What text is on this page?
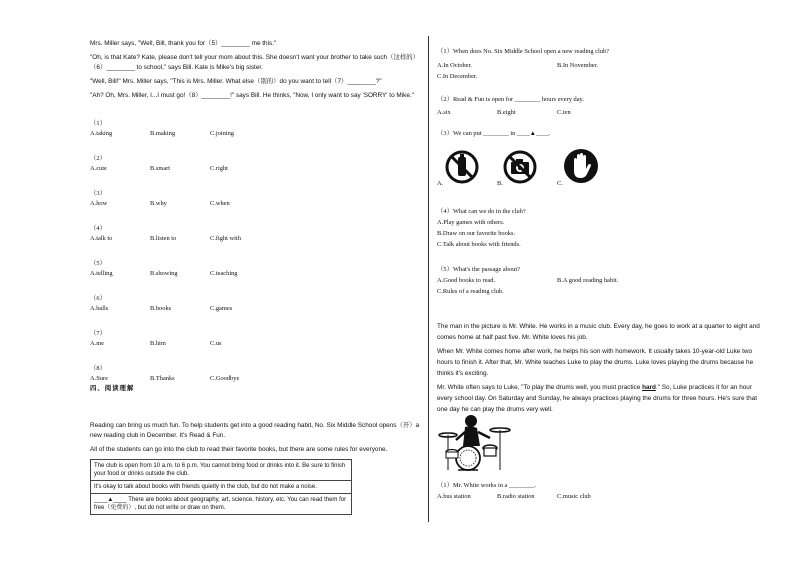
Mrs. Miller says, "Well, Bill, thank you for（5）________ me this."
"Oh, is that Kate? Kate, please don't tell your mom about this. She doesn't want your brother to take such（这样的）
（6）________ to school," says Bill. Kate is Mike's big sister.
"Well, Bill!" Mrs. Miller says, "This is Mrs. Miller. What else（别的）do you want to tell（7）________?"
"Ah? Oh, Mrs. Miller, I...I must go!（8）________!" says Bill. He thinks, "Now, I only want to say 'SORRY' to Mike."
（1）
A.taking	B.making	C.joining
（2）
A.cute	B.smart	C.right
（3）
A.how	B.why	C.when
（4）
A.talk to	B.listen to	C.fight with
（5）
A.telling	B.showing	C.teaching
（6）
A.balls	B.books	C.games
（7）
A.me	B.him	C.us
（8）
A.Sure	B.Thanks	C.Goodbye
四、阅读理解
Reading can bring us much fun. To help students get into a good reading habit, No. Six Middle School opens（开）a
new reading club in December. It's Read & Fun.
All of the students can go into the club to read their favorite books, but there are some rules for everyone.
The club is open from 10 a.m. to 6 p.m. You cannot bring food or drinks into it. Be sure to finish your food or drinks outside the club.
It's okay to talk about books with friends quietly in the club, but do not make a noise.
____▲____ There are books about geography, art, science, history, etc. You can read them for free（免费的）, but do not write or draw on them.
（1）When does No. Six Middle School open a new reading club?
A.In October.	B.In November.
C.In December.
（2）Read & Fun is open for ________ hours every day.
A.six	B.eight	C.ten
（3）We can put ________ in ____▲____.
A.	B.	C.
（4）What can we do in the club?
A.Play games with others.
B.Draw on our favorite books.
C.Talk about books with friends.
（5）What's the passage about?
A.Good books to read.	B.A good reading habit.
C.Rules of a reading club.
The man in the picture is Mr. White. He works in a music club. Every day, he goes to work at a quarter to eight and
comes home at half past five. Mr. White loves his job.
When Mr. White comes home after work, he helps his son with homework. It usually takes 10-year-old Luke two
hours to finish it. After that, Mr. White teaches Luke to play the drums. Luke loves playing the drums because he
thinks it's exciting.
Mr. White often says to Luke, "To play the drums well, you must practice hard." So, Luke practices it for an hour
every school day. On Saturday and Sunday, he always practices playing the drums for three hours. He's sure that
one day he can play the drums very well.
（1）Mr. White works in a ________.
A.bus station	B.radio station	C.music club
